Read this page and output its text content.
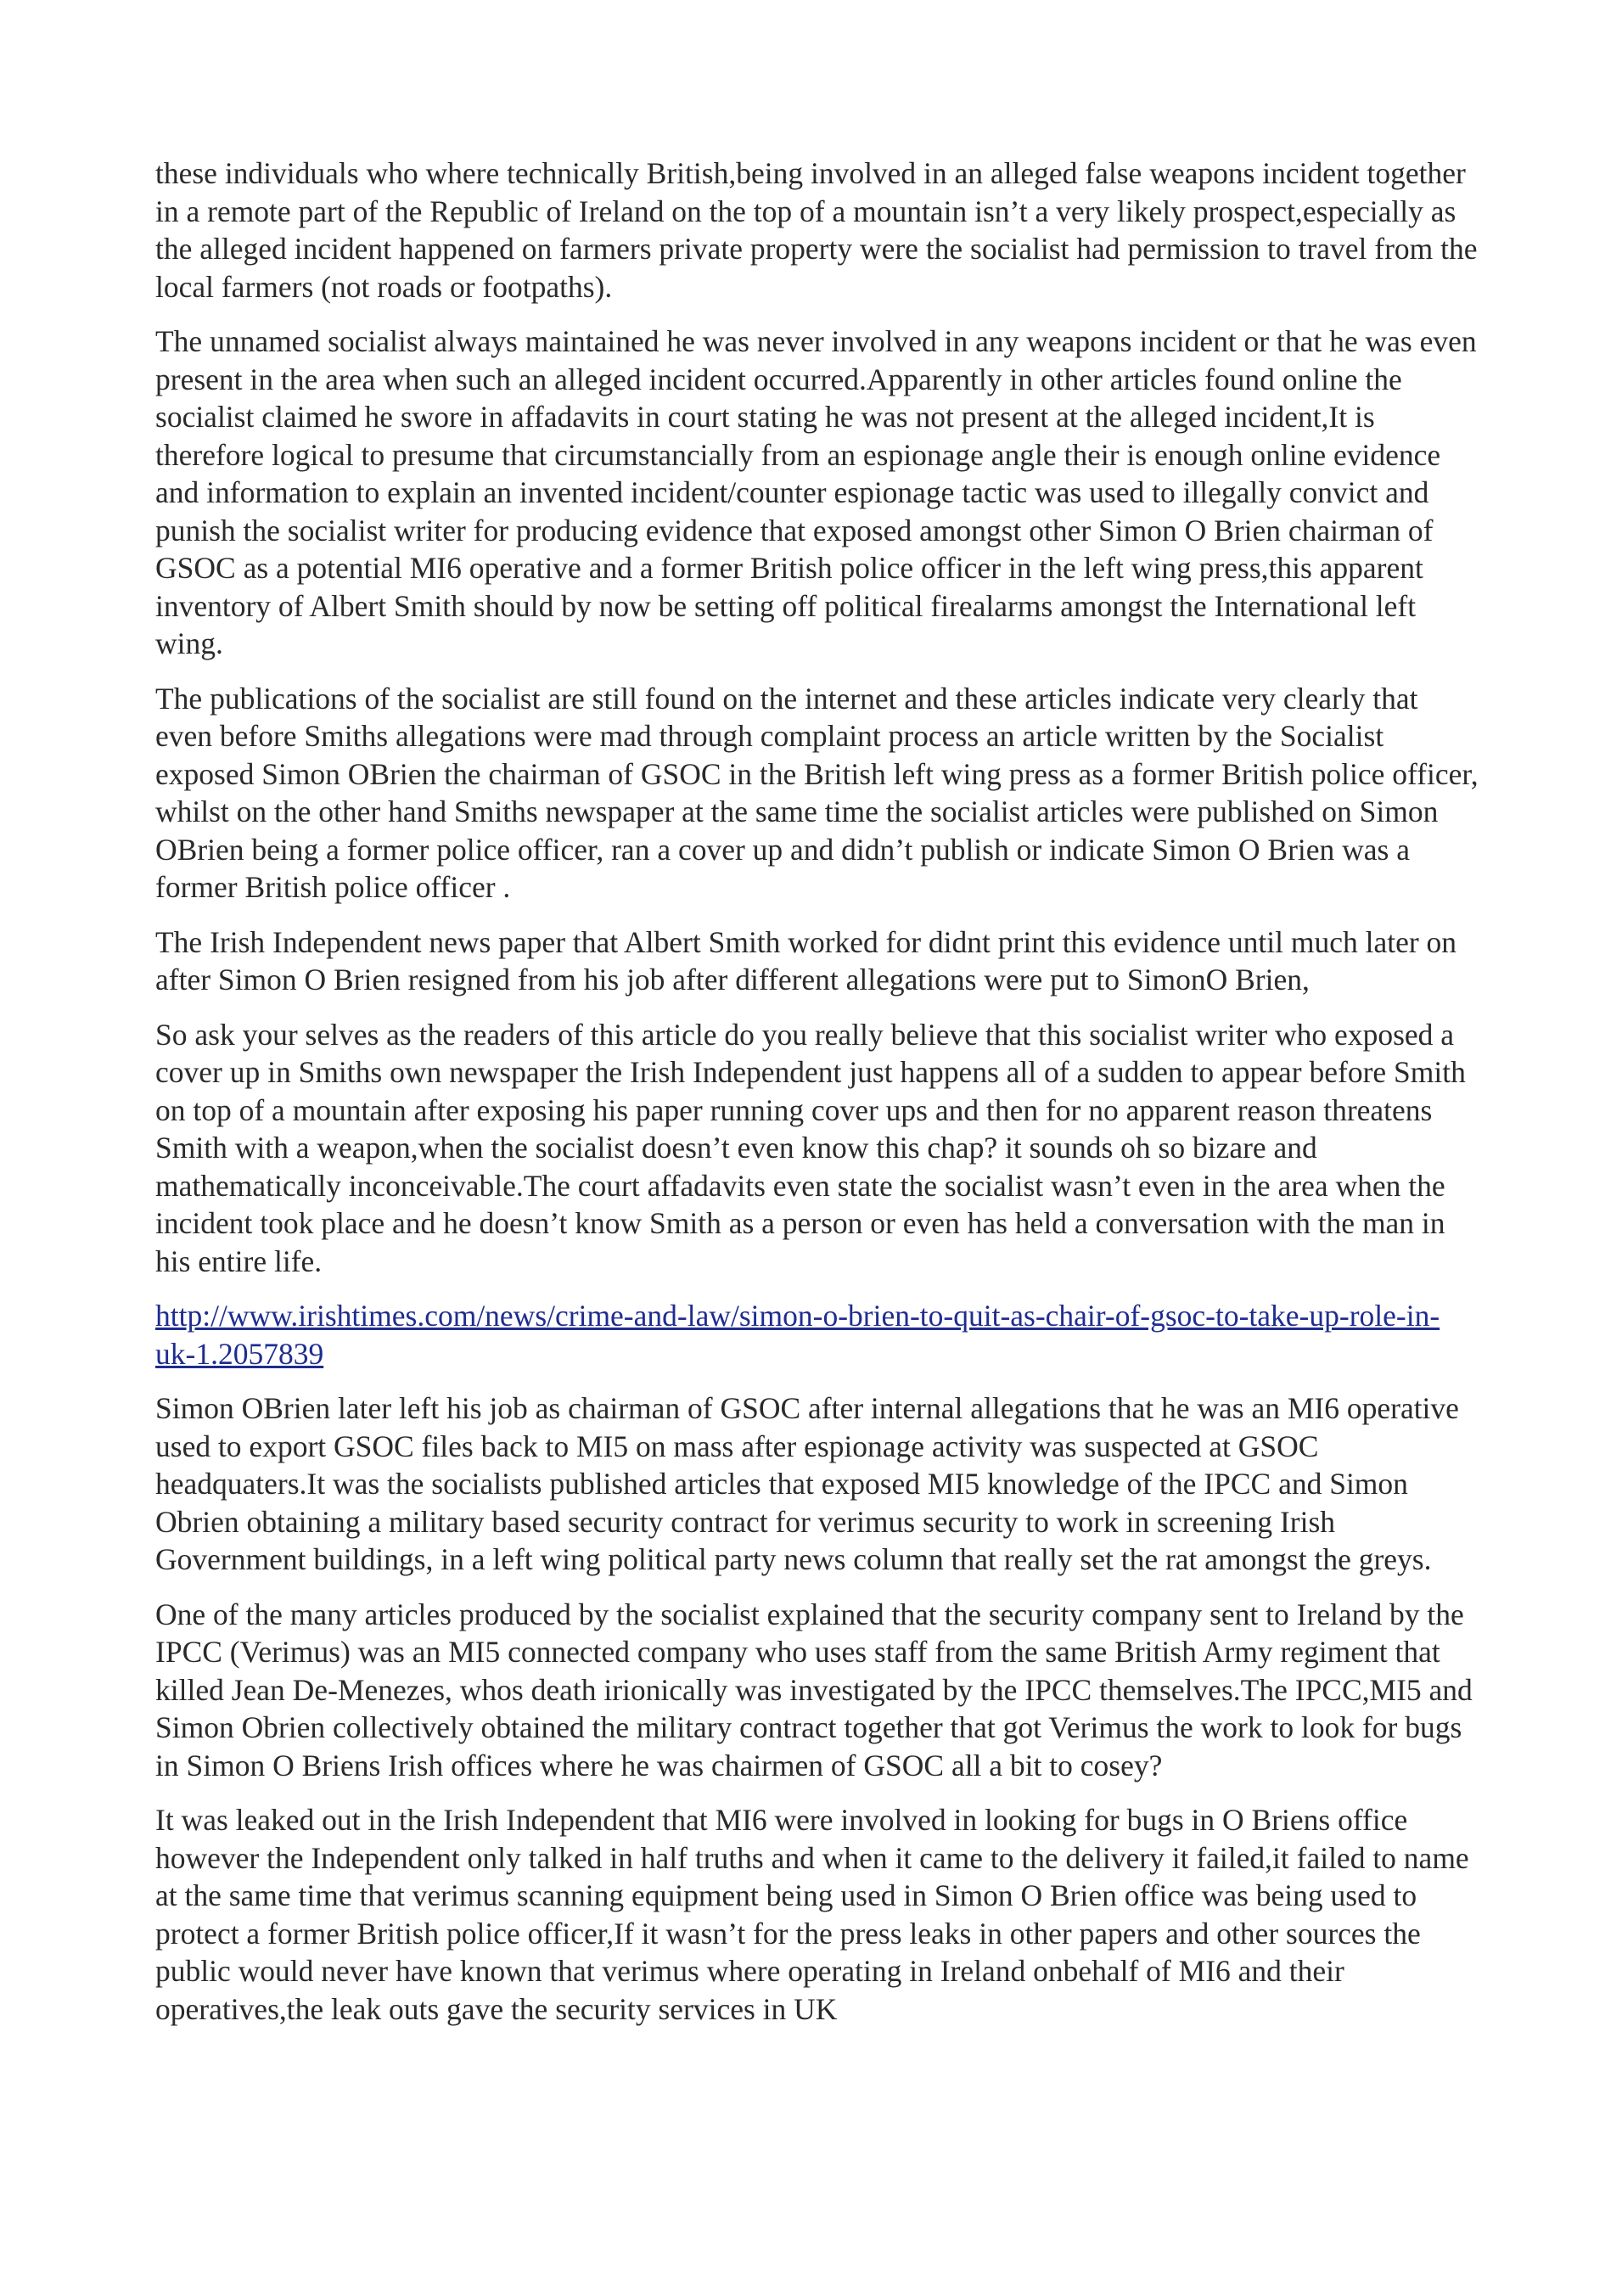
these individuals who where technically British,being involved in an alleged false weapons incident together in a remote part of the Republic of Ireland on the top of a mountain isn’t a very likely prospect,especially as the alleged incident happened on farmers private property were the socialist had permission to travel from the local farmers (not roads or footpaths).

The unnamed socialist always maintained he was never involved in any weapons incident or that he was even present in the area when such an alleged incident occurred.Apparently in other articles found online the socialist claimed he swore in affadavits in court stating he was not present at the alleged incident,It is therefore logical to presume that circumstancially from an espionage angle their is enough online evidence and information to explain an invented incident/counter espionage tactic was used to illegally convict and punish the socialist writer for producing evidence that exposed amongst other Simon O Brien chairman of GSOC as a potential MI6 operative and a former British police officer in the left wing press,this apparent inventory of Albert Smith should by now be setting off political firealarms amongst the International left wing.

The publications of the socialist are still found on the internet and these articles indicate very clearly that even before Smiths allegations were mad through complaint process an article written by the Socialist exposed Simon OBrien the chairman of GSOC in the British left wing press as a former British police officer, whilst on the other hand Smiths newspaper at the same time the socialist articles were published on Simon OBrien being a former police officer, ran a cover up and didn’t publish or indicate Simon O Brien was a former British police officer .

The Irish Independent news paper that Albert Smith worked for didnt print this evidence until much later on after Simon O Brien resigned from his job after different allegations were put to SimonO Brien,

So ask your selves as the readers of this article do you really believe that this socialist writer who exposed a cover up in Smiths own newspaper the Irish Independent just happens all of a sudden to appear before Smith on top of a mountain after exposing his paper running cover ups and then for no apparent reason threatens Smith with a weapon,when the socialist doesn’t even know this chap? it sounds oh so bizare and mathematically inconceivable.The court affadavits even state the socialist wasn’t even in the area when the incident took place and he doesn’t know Smith as a person or even has held a conversation with the man in his entire life.

http://www.irishtimes.com/news/crime-and-law/simon-o-brien-to-quit-as-chair-of-gsoc-to-take-up-role-in-uk-1.2057839

Simon OBrien later left his job as chairman of GSOC after internal allegations that he was an MI6 operative used to export GSOC files back to MI5 on mass after espionage activity was suspected at GSOC headquaters.It was the socialists published articles that exposed MI5 knowledge of the IPCC and Simon Obrien obtaining a military based security contract for verimus security to work in screening Irish Government buildings, in a left wing political party news column that really set the rat amongst the greys.

One of the many articles produced by the socialist explained that the security company sent to Ireland by the IPCC (Verimus) was an MI5 connected company who uses staff from the same British Army regiment that killed Jean De-Menezes, whos death irionically was investigated by the IPCC themselves.The IPCC,MI5 and Simon Obrien collectively obtained the military contract together that got Verimus the work to look for bugs in Simon O Briens Irish offices where he was chairmen of GSOC all a bit to cosey?

It was leaked out in the Irish Independent that MI6 were involved in looking for bugs in O Briens office however the Independent only talked in half truths and when it came to the delivery it failed,it failed to name at the same time that verimus scanning equipment being used in Simon O Brien office was being used to protect a former British police officer,If it wasn’t for the press leaks in other papers and other sources the public would never have known that verimus where operating in Ireland onbehalf of MI6 and their operatives,the leak outs gave the security services in UK
